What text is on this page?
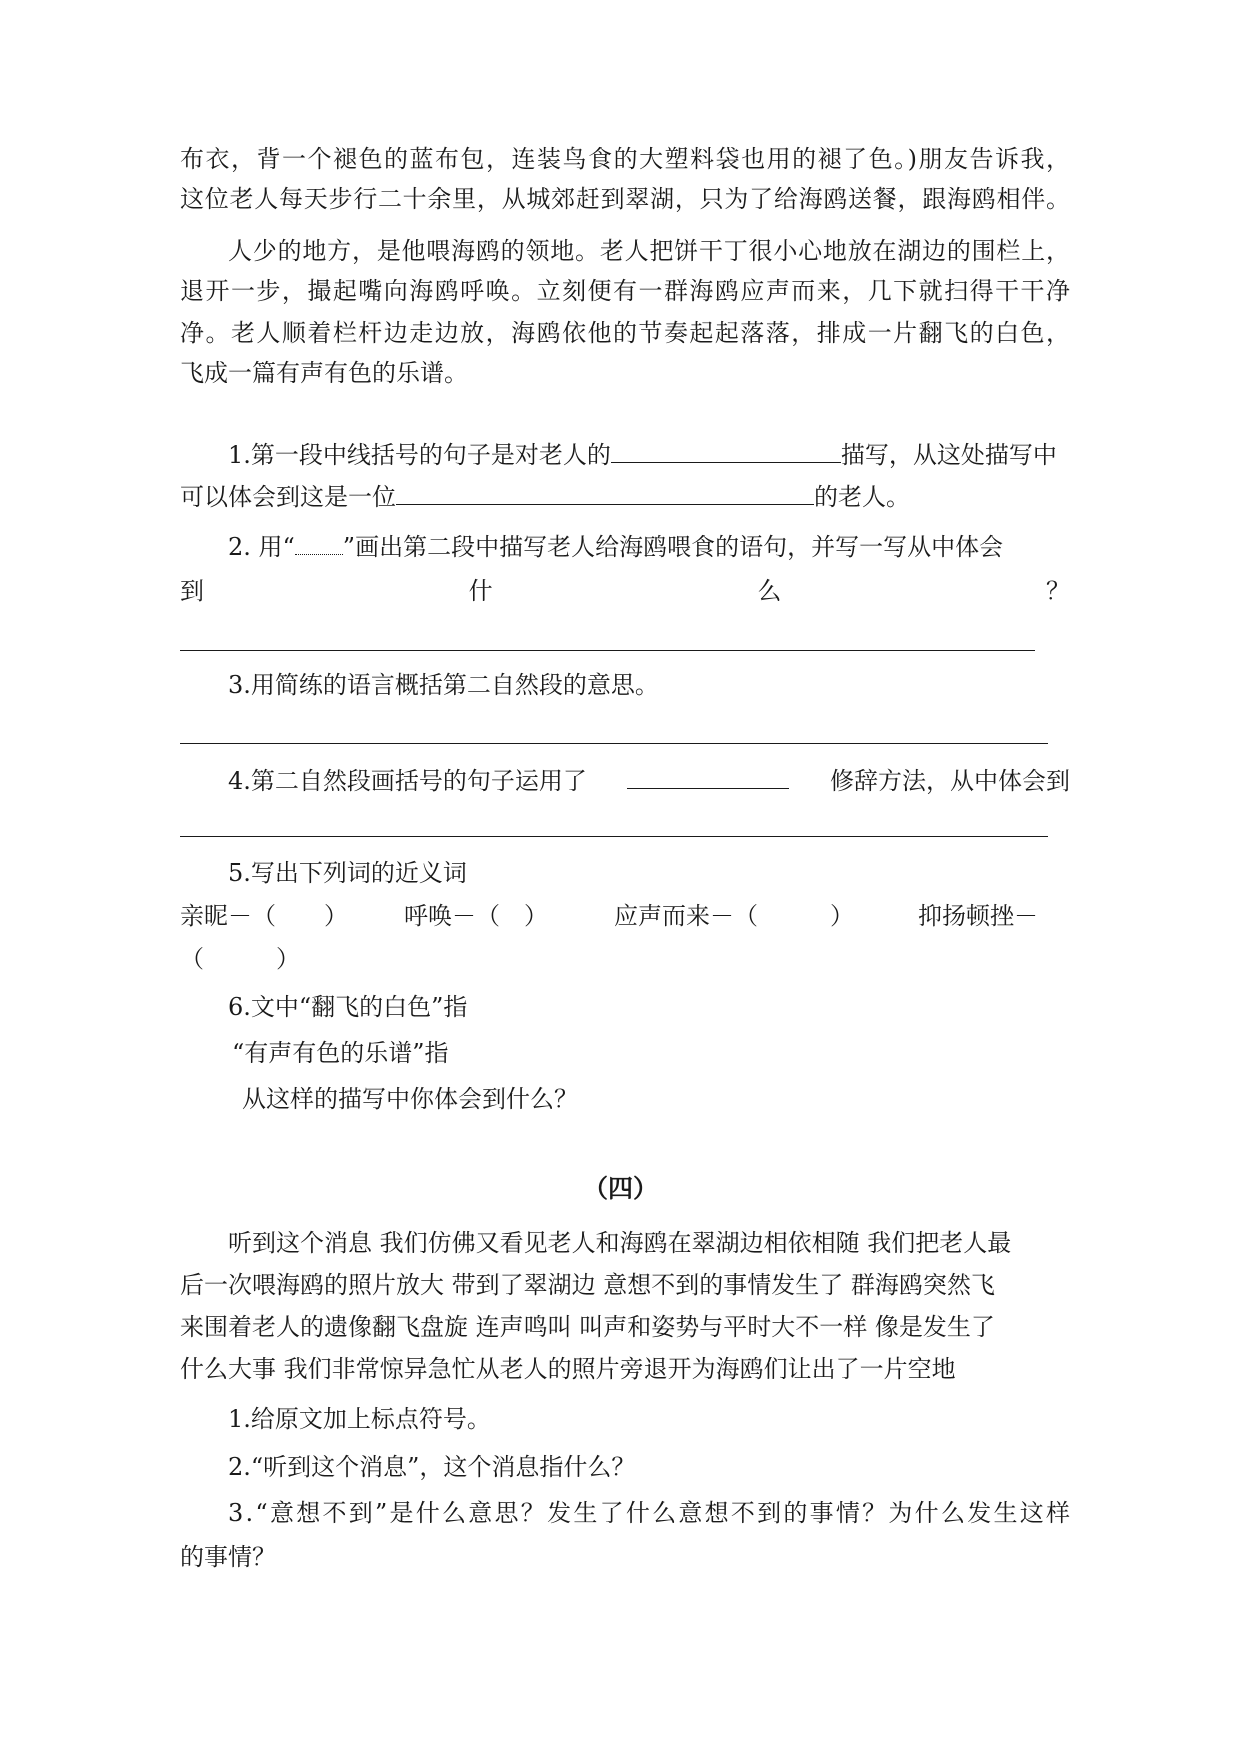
布衣，背一个褪色的蓝布包，连装鸟食的大塑料袋也用的褪了色。)朋友告诉我，
这位老人每天步行二十余里，从城郊赶到翠湖，只为了给海鸥送餐，跟海鸥相伴。
人少的地方，是他喂海鸥的领地。老人把饼干丁很小心地放在湖边的围栏上，
退开一步，撮起嘴向海鸥呼唤。立刻便有一群海鸥应声而来，几下就扫得干干净
净。老人顺着栏杆边走边放，海鸥依他的节奏起起落落，排成一片翻飞的白色，
飞成一篇有声有色的乐谱。
1.第一段中线括号的句子是对老人的	描写，从这处描写中
可以体会到这是一位	的老人。
2. 用“ ”画出第二段中描写老人给海鸥喂食的语句，并写一写从中体会
到	什	么	？
3.用简练的语言概括第二自然段的意思。
4.第二自然段画括号的句子运用了	修辞方法，从中体会到
5.写出下列词的近义词
亲昵－（　　） 呼唤－（　）	应声而来－（　　　）	抑扬顿挫－
（　　　）
6.文中“翻飞的白色”指
“有声有色的乐谱”指
从这样的描写中你体会到什么？
（四）
听到这个消息 我们仿佛又看见老人和海鸥在翠湖边相依相随 我们把老人最
后一次喂海鸥的照片放大 带到了翠湖边 意想不到的事情发生了 群海鸥突然飞
来围着老人的遗像翻飞盘旋 连声鸣叫 叫声和姿势与平时大不一样 像是发生了
什么大事 我们非常惊异急忙从老人的照片旁退开为海鸥们让出了一片空地
1.给原文加上标点符号。
2.“听到这个消息”，这个消息指什么？
3.“意想不到”是什么意思？发生了什么意想不到的事情？为什么发生这样
的事情？
